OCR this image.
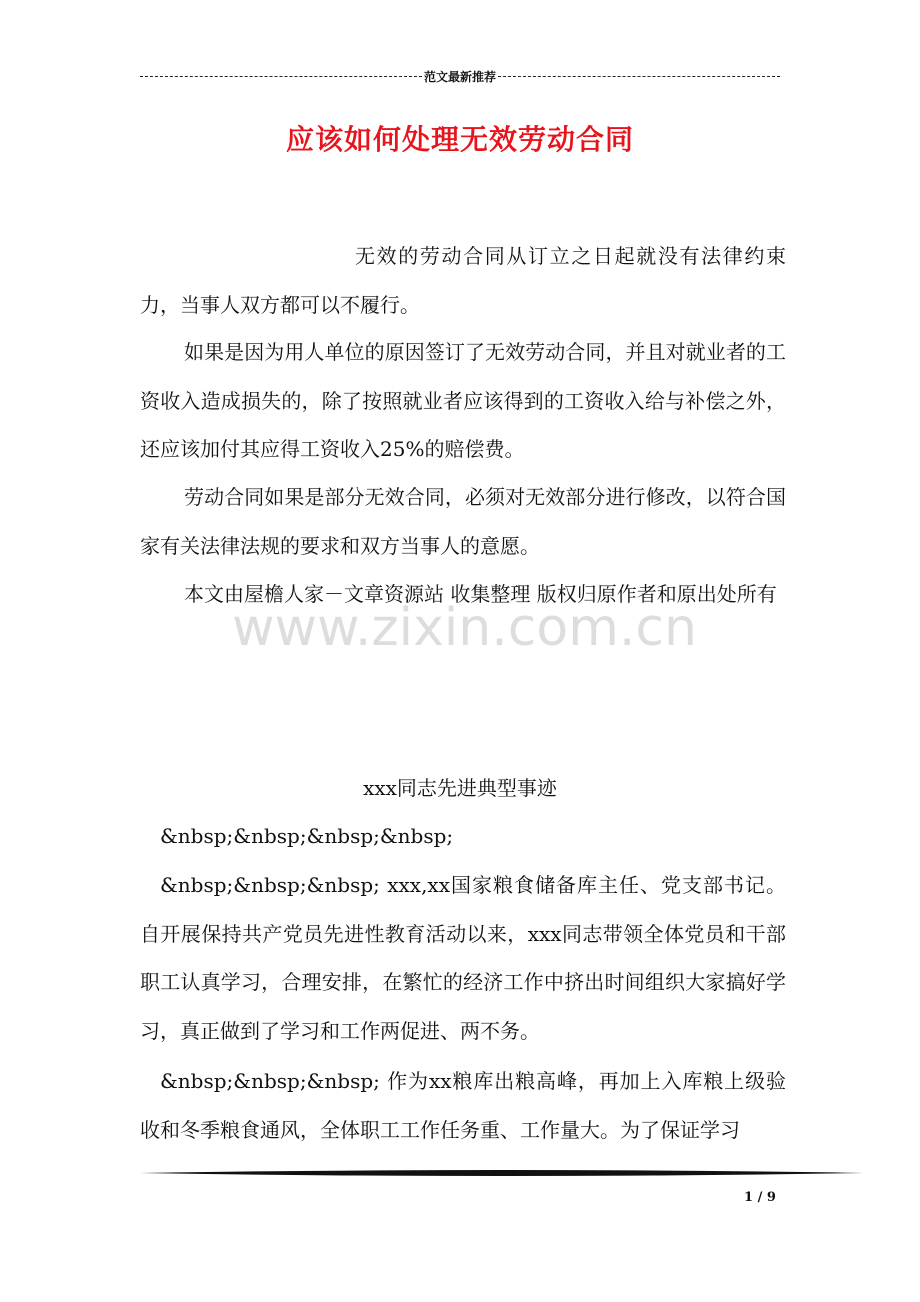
范文最新推荐
应该如何处理无效劳动合同
无效的劳动合同从订立之日起就没有法律约束力，当事人双方都可以不履行。
如果是因为用人单位的原因签订了无效劳动合同，并且对就业者的工资收入造成损失的，除了按照就业者应该得到的工资收入给与补偿之外，还应该加付其应得工资收入25%的赔偿费。
劳动合同如果是部分无效合同，必须对无效部分进行修改，以符合国家有关法律法规的要求和双方当事人的意愿。
本文由屋檐人家－文章资源站 收集整理 版权归原作者和原出处所有
www.zixin.com.cn
xxx同志先进典型事迹
&nbsp;&nbsp;&nbsp;&nbsp;
&nbsp;&nbsp;&nbsp; xxx,xx国家粮食储备库主任、党支部书记。自开展保持共产党员先进性教育活动以来，xxx同志带领全体党员和干部职工认真学习，合理安排，在繁忙的经济工作中挤出时间组织大家搞好学习，真正做到了学习和工作两促进、两不务。
&nbsp;&nbsp;&nbsp; 作为xx粮库出粮高峰，再加上入库粮上级验收和冬季粮食通风，全体职工工作任务重、工作量大。为了保证学习
1 / 9
